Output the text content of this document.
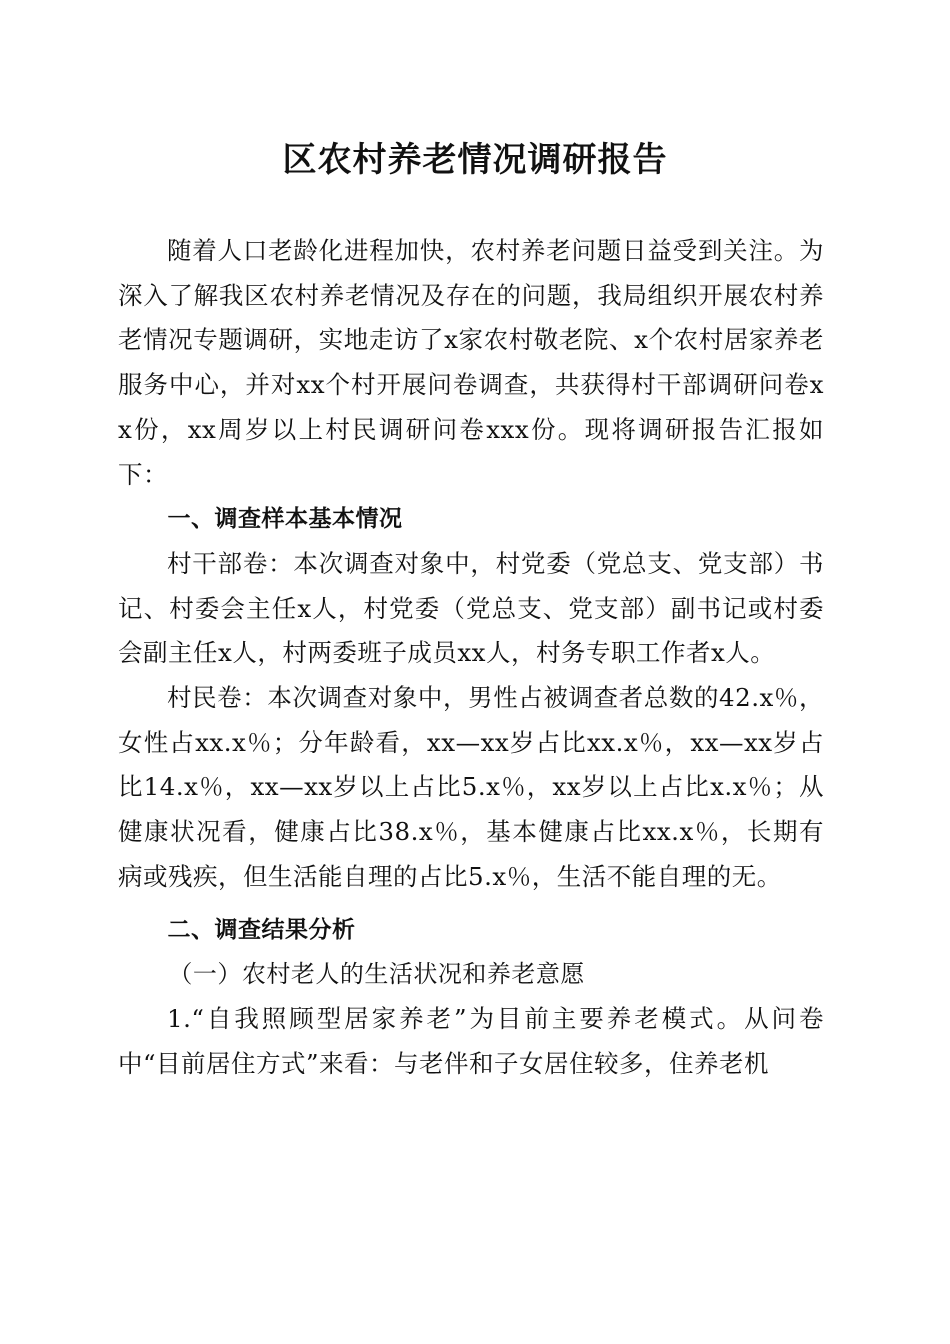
区农村养老情况调研报告

随着人口老龄化进程加快，农村养老问题日益受到关注。为深入了解我区农村养老情况及存在的问题，我局组织开展农村养老情况专题调研，实地走访了x家农村敬老院、x个农村居家养老服务中心，并对xx个村开展问卷调查，共获得村干部调研问卷xx份，xx周岁以上村民调研问卷xxx份。现将调研报告汇报如下：

一、调查样本基本情况

村干部卷：本次调查对象中，村党委（党总支、党支部）书记、村委会主任x人，村党委（党总支、党支部）副书记或村委会副主任x人，村两委班子成员xx人，村务专职工作者x人。

村民卷：本次调查对象中，男性占被调查者总数的42.x％，女性占xx.x％；分年龄看，xx—xx岁占比xx.x％，xx—xx岁占比14.x％，xx—xx岁以上占比5.x％，xx岁以上占比x.x％；从健康状况看，健康占比38.x％，基本健康占比xx.x％，长期有病或残疾，但生活能自理的占比5.x％，生活不能自理的无。

二、调查结果分析
（一）农村老人的生活状况和养老意愿

1.“自我照顾型居家养老”为目前主要养老模式。从问卷中“目前居住方式”来看：与老伴和子女居住较多，住养老机
